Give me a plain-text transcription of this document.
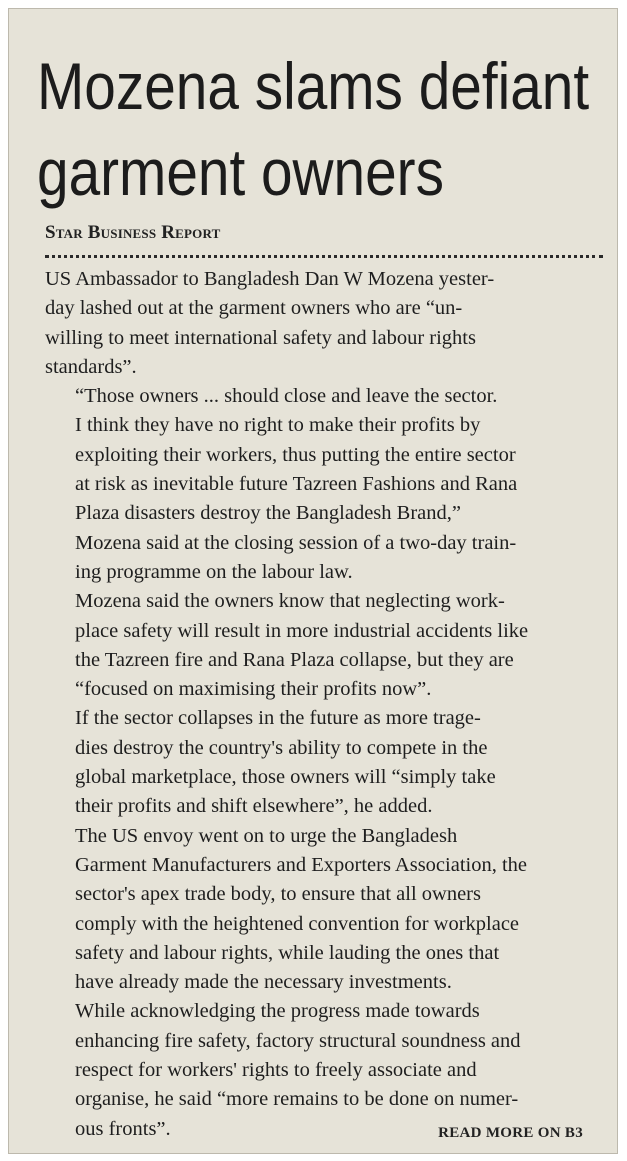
Mozena slams defiant
garment owners
Star Business Report

US Ambassador to Bangladesh Dan W Mozena yester-
day lashed out at the garment owners who are “un-
willing to meet international safety and labour rights
standards”.

“Those owners ... should close and leave the sector.
I think they have no right to make their profits by
exploiting their workers, thus putting the entire sector
at risk as inevitable future Tazreen Fashions and Rana
Plaza disasters destroy the Bangladesh Brand,”
Mozena said at the closing session of a two-day train-
ing programme on the labour law.

Mozena said the owners know that neglecting work-
place safety will result in more industrial accidents like
the Tazreen fire and Rana Plaza collapse, but they are
“focused on maximising their profits now”.

If the sector collapses in the future as more trage-
dies destroy the country's ability to compete in the
global marketplace, those owners will “simply take
their profits and shift elsewhere”, he added.

The US envoy went on to urge the Bangladesh
Garment Manufacturers and Exporters Association, the
sector's apex trade body, to ensure that all owners
comply with the heightened convention for workplace
safety and labour rights, while lauding the ones that
have already made the necessary investments.

While acknowledging the progress made towards
enhancing fire safety, factory structural soundness and
respect for workers' rights to freely associate and
organise, he said “more remains to be done on numer-
ous fronts”.	READ MORE ON B3
